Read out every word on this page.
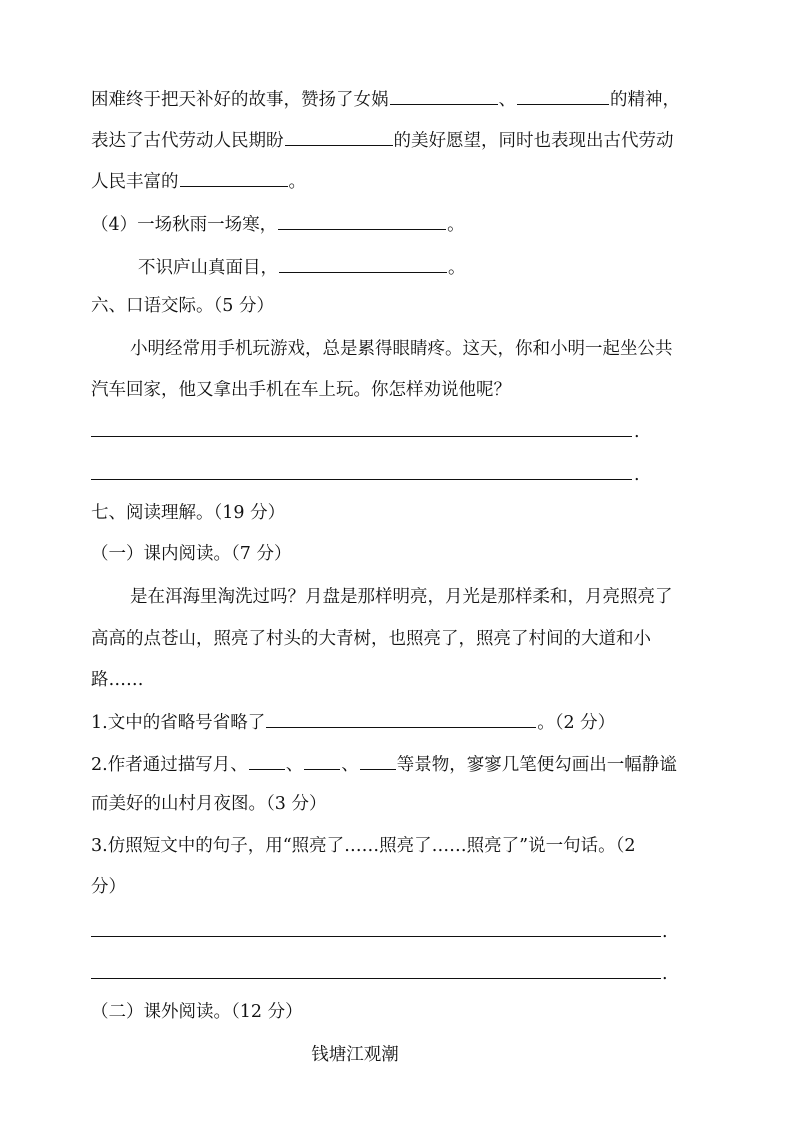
困难终于把天补好的故事，赞扬了女娲	、	的精神，
表达了古代劳动人民期盼	的美好愿望，同时也表现出古代劳动
人民丰富的	。
（4）一场秋雨一场寒，	。
不识庐山真面目，	。
六、口语交际。（5 分）
小明经常用手机玩游戏，总是累得眼睛疼。这天，你和小明一起坐公共
汽车回家，他又拿出手机在车上玩。你怎样劝说他呢？
.
.
七、阅读理解。（19 分）
（一）课内阅读。（7 分）
是在洱海里淘洗过吗？月盘是那样明亮，月光是那样柔和，月亮照亮了
高高的点苍山，照亮了村头的大青树，也照亮了，照亮了村间的大道和小
路……
1.文中的省略号省略了	。（2 分）
2.作者通过描写月、 、 、 等景物，寥寥几笔便勾画出一幅静谧
而美好的山村月夜图。（3 分）
3.仿照短文中的句子，用“照亮了……照亮了……照亮了”说一句话。（2
分）
.
.
（二）课外阅读。（12 分）
钱塘江观潮
